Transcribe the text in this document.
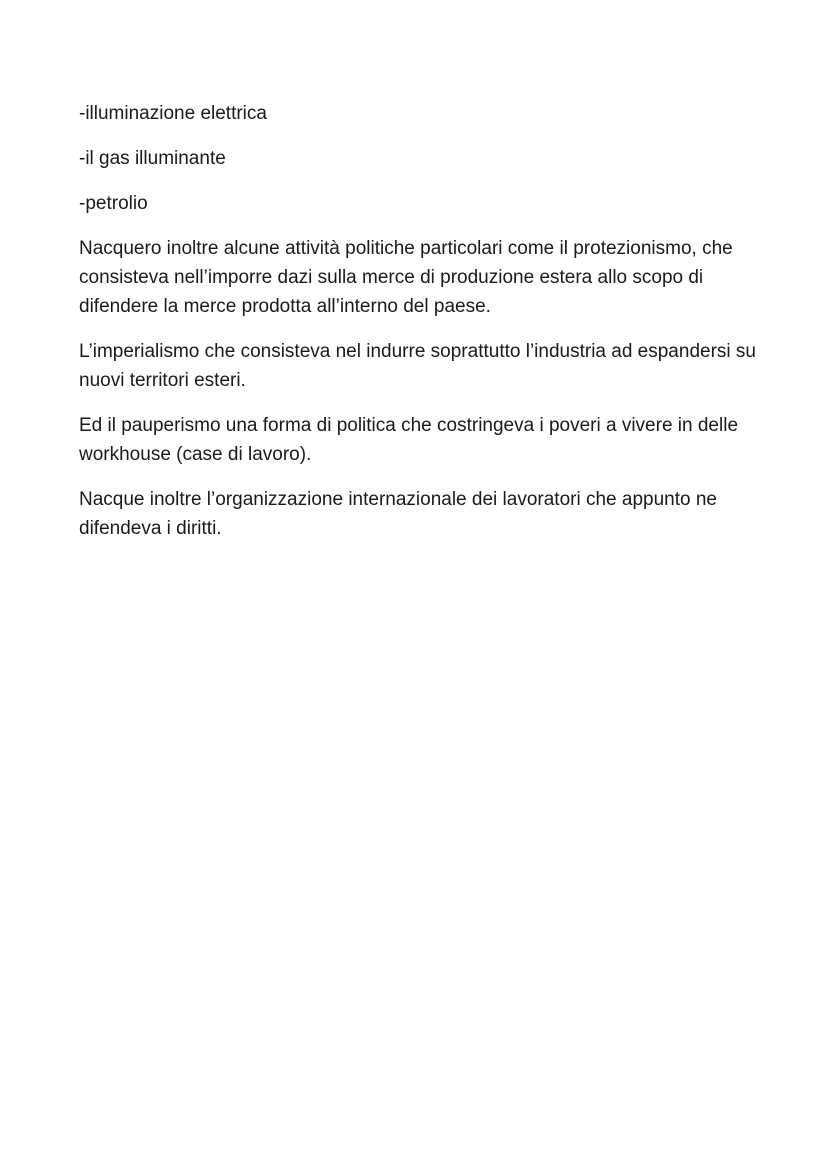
-illuminazione elettrica

-il gas illuminante

-petrolio

Nacquero inoltre alcune attività politiche particolari come il protezionismo, che consisteva nell’imporre dazi sulla merce di produzione estera allo scopo di difendere la merce prodotta all’interno del paese.

L’imperialismo che consisteva nel indurre soprattutto l’industria ad espandersi su nuovi territori esteri.

Ed il pauperismo una forma di politica che costringeva i poveri a vivere in delle workhouse (case di lavoro).

Nacque inoltre l’organizzazione internazionale dei lavoratori che appunto ne difendeva i diritti.
